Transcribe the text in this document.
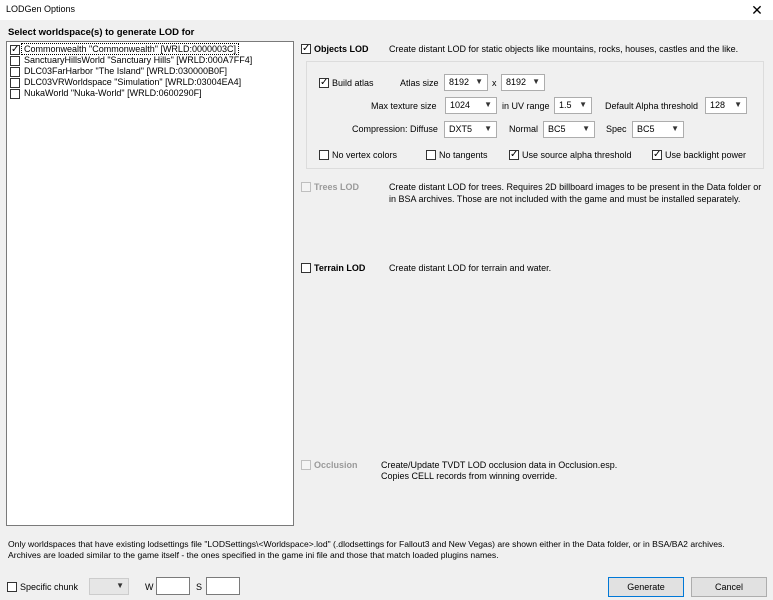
LODGen Options	✕
Select worldspace(s) to generate LOD for
✓ Commonwealth "Commonwealth" [WRLD:0000003C]
SanctuaryHillsWorld "Sanctuary Hills" [WRLD:000A7FF4]
DLC03FarHarbor "The Island" [WRLD:030000B0F]
DLC03VRWorldspace "Simulation" [WRLD:03004EA4]
NukaWorld "Nuka-World" [WRLD:0600290F]
✓ Objects LOD Create distant LOD for static objects like mountains, rocks, houses, castles and the like.
✓ Build atlas	Atlas size 8192 ▼ x 8192 ▼
Max texture size 1024 ▼ in UV range 1.5 ▼ Default Alpha threshold 128 ▼
Compression: Diffuse DXT5 ▼ Normal BC5 ▼ Spec BC5 ▼
No vertex colors	No tangents ✓ Use source alpha threshold ✓ Use backlight power
Trees LOD	Create distant LOD for trees. Requires 2D billboard images to be present in the Data folder or
in BSA archives. Those are not included with the game and must be installed separately.
Terrain LOD	Create distant LOD for terrain and water.
Occlusion	Create/Update TVDT LOD occlusion data in Occlusion.esp.
Copies CELL records from winning override.
Only worldspaces that have existing lodsettings file "LODSettings\<Worldspace>.lod" (.dlodsettings for Fallout3 and New Vegas) are shown either in the Data folder, or in BSA/BA2 archives.
Archives are loaded similar to the game itself - the ones specified in the game ini file and those that match loaded plugins names.
Specific chunk	▼ W	S	Generate	Cancel
